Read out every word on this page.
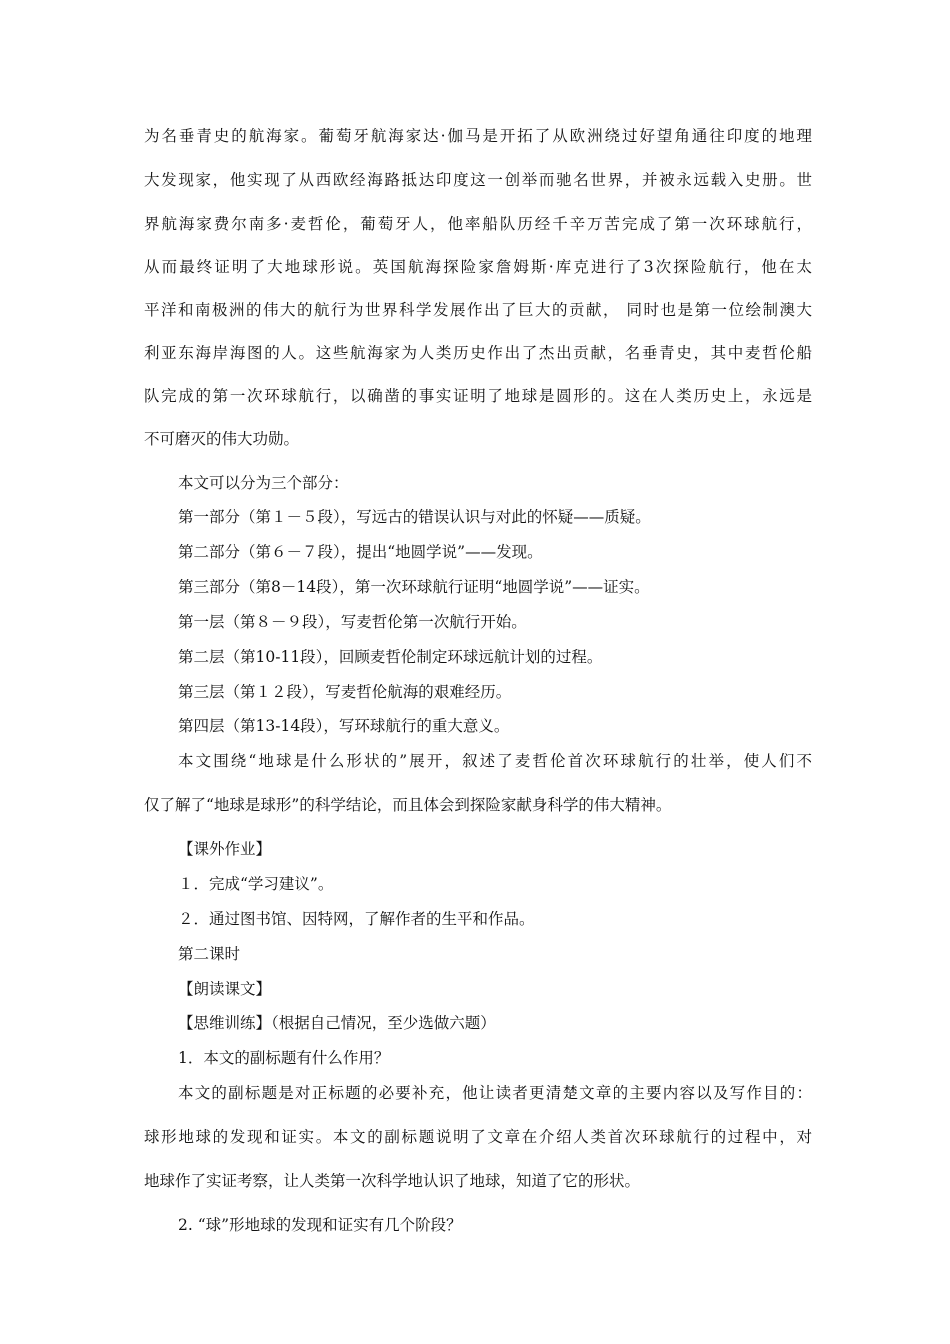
为名垂青史的航海家。葡萄牙航海家达·伽马是开拓了从欧洲绕过好望角通往印度的地理
大发现家，他实现了从西欧经海路抵达印度这一创举而驰名世界，并被永远载入史册。世
界航海家费尔南多·麦哲伦，葡萄牙人，他率船队历经千辛万苦完成了第一次环球航行，
从而最终证明了大地球形说。英国航海探险家詹姆斯·库克进行了3次探险航行，他在太
平洋和南极洲的伟大的航行为世界科学发展作出了巨大的贡献， 同时也是第一位绘制澳大
利亚东海岸海图的人。这些航海家为人类历史作出了杰出贡献，名垂青史，其中麦哲伦船
队完成的第一次环球航行，以确凿的事实证明了地球是圆形的。这在人类历史上，永远是
不可磨灭的伟大功勋。
本文可以分为三个部分：
第一部分（第１－５段），写远古的错误认识与对此的怀疑——质疑。
第二部分（第６－７段），提出“地圆学说”——发现。
第三部分（第8－14段），第一次环球航行证明“地圆学说”——证实。
第一层（第８－９段），写麦哲伦第一次航行开始。
第二层（第10-11段），回顾麦哲伦制定环球远航计划的过程。
第三层（第１２段），写麦哲伦航海的艰难经历。
第四层（第13-14段），写环球航行的重大意义。
本文围绕“地球是什么形状的”展开，叙述了麦哲伦首次环球航行的壮举，使人们不
仅了解了“地球是球形”的科学结论，而且体会到探险家献身科学的伟大精神。
【课外作业】
１．完成“学习建议”。
２．通过图书馆、因特网，了解作者的生平和作品。
第二课时
【朗读课文】
【思维训练】（根据自己情况，至少选做六题）
1．本文的副标题有什么作用？
本文的副标题是对正标题的必要补充，他让读者更清楚文章的主要内容以及写作目的：
球形地球的发现和证实。本文的副标题说明了文章在介绍人类首次环球航行的过程中，对
地球作了实证考察，让人类第一次科学地认识了地球，知道了它的形状。
2. “球”形地球的发现和证实有几个阶段？
